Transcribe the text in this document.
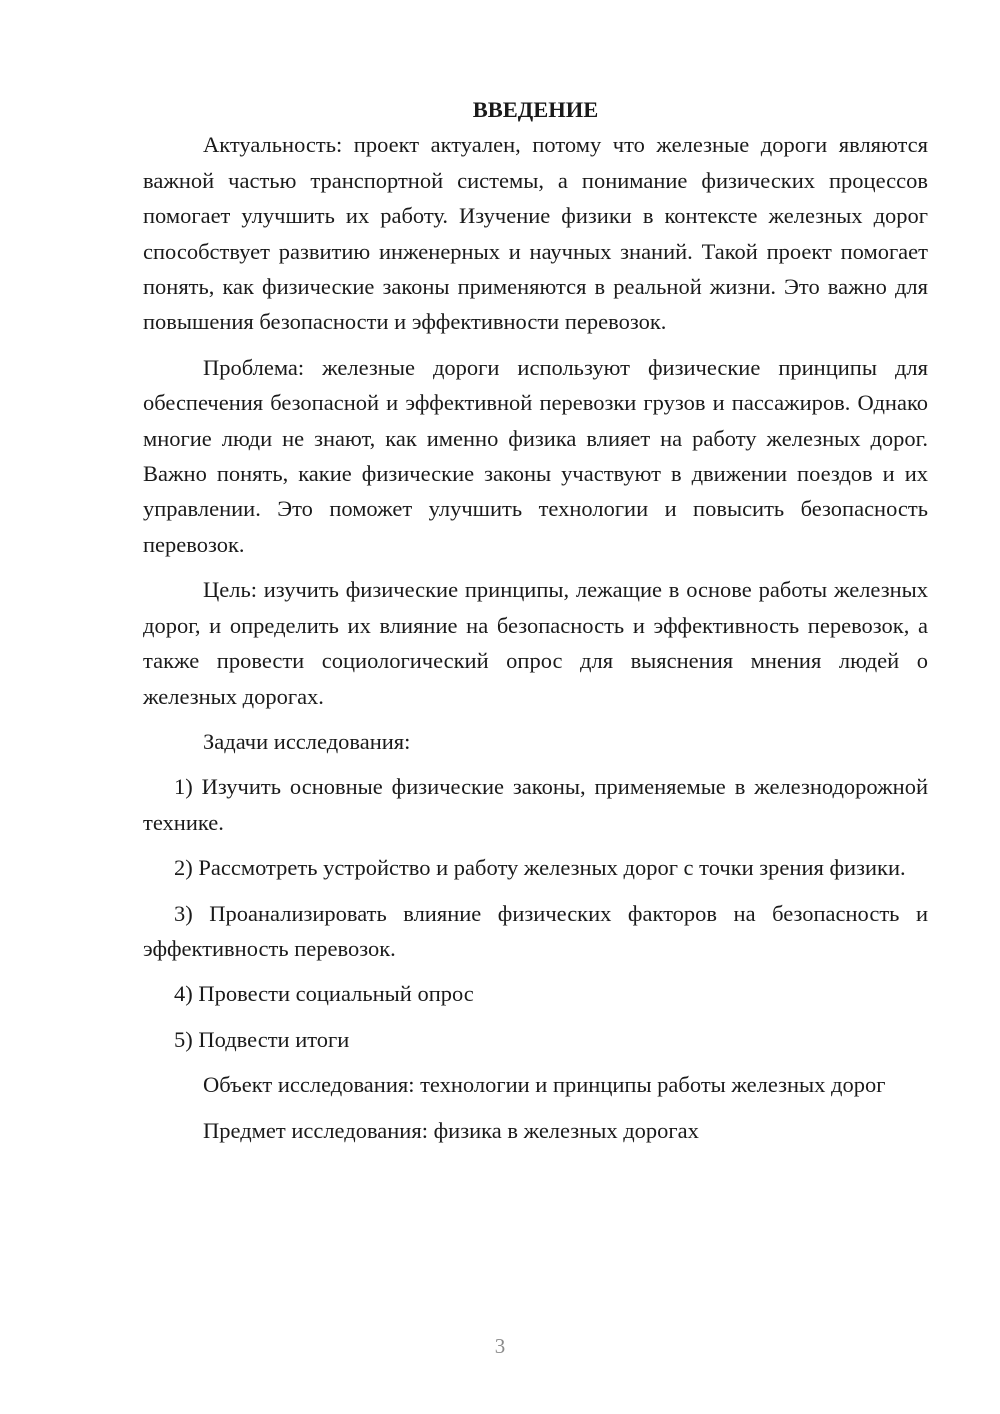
ВВЕДЕНИЕ

Актуальность: проект актуален, потому что железные дороги являются важной частью транспортной системы, а понимание физических процессов помогает улучшить их работу. Изучение физики в контексте железных дорог способствует развитию инженерных и научных знаний. Такой проект помогает понять, как физические законы применяются в реальной жизни. Это важно для повышения безопасности и эффективности перевозок.

Проблема: железные дороги используют физические принципы для обеспечения безопасной и эффективной перевозки грузов и пассажиров. Однако многие люди не знают, как именно физика влияет на работу железных дорог. Важно понять, какие физические законы участвуют в движении поездов и их управлении. Это поможет улучшить технологии и повысить безопасность перевозок.

Цель: изучить физические принципы, лежащие в основе работы железных дорог, и определить их влияние на безопасность и эффективность перевозок, а также провести социологический опрос для выяснения мнения людей о железных дорогах.

Задачи исследования:

1) Изучить основные физические законы, применяемые в железнодорожной технике.

2) Рассмотреть устройство и работу железных дорог с точки зрения физики.

3) Проанализировать влияние физических факторов на безопасность и эффективность перевозок.

4) Провести социальный опрос

5) Подвести итоги

Объект исследования: технологии и принципы работы железных дорог

Предмет исследования: физика в железных дорогах

3
